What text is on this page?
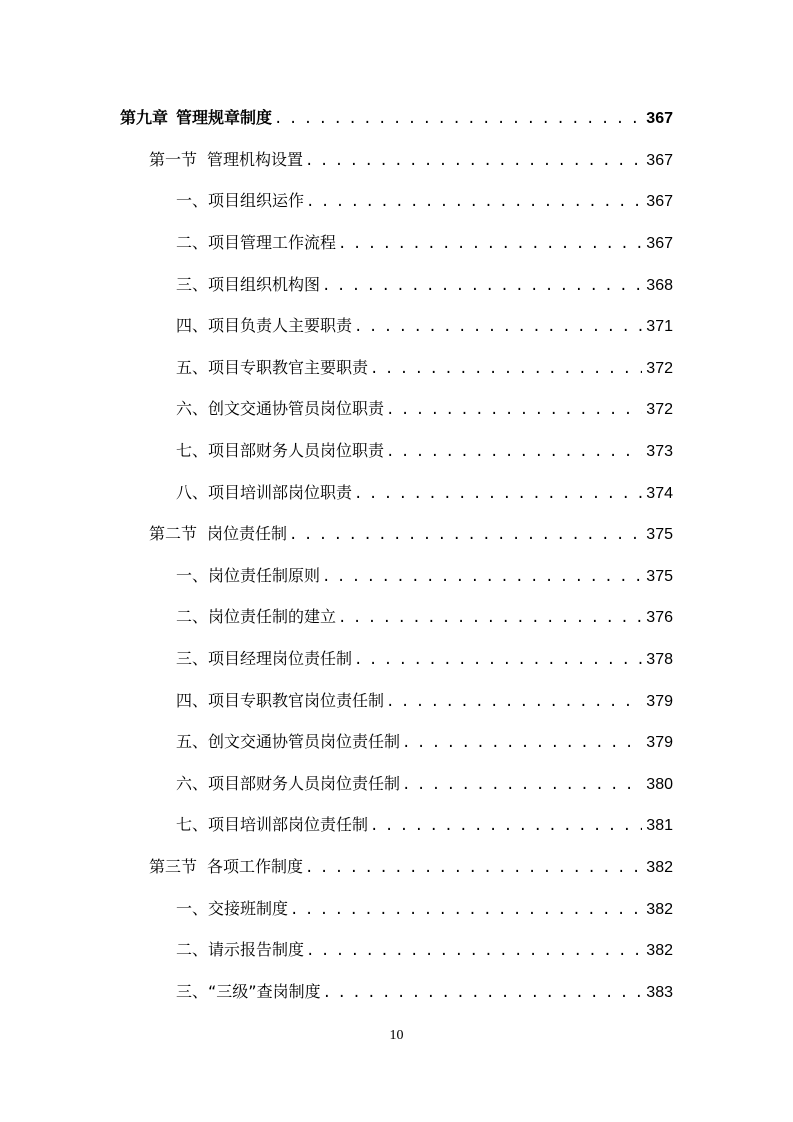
第九章 管理规章制度 . . .	367
第一节 管理机构设置 . . .	367
一、项目组织运作 . . .	367
二、项目管理工作流程 . . .	367
三、项目组织机构图 . . .	368
四、项目负责人主要职责 . . .	371
五、项目专职教官主要职责 . . .	372
六、创文交通协管员岗位职责 . . .	372
七、项目部财务人员岗位职责 . . .	373
八、项目培训部岗位职责 . . .	374
第二节 岗位责任制 . . .	375
一、岗位责任制原则 . . .	375
二、岗位责任制的建立 . . .	376
三、项目经理岗位责任制 . . .	378
四、项目专职教官岗位责任制 . . .	379
五、创文交通协管员岗位责任制 . . .	379
六、项目部财务人员岗位责任制 . . .	380
七、项目培训部岗位责任制 . . .	381
第三节 各项工作制度 . . .	382
一、交接班制度 . . .	382
二、请示报告制度 . . .	382
三、“三级”查岗制度 . . .	383
10
